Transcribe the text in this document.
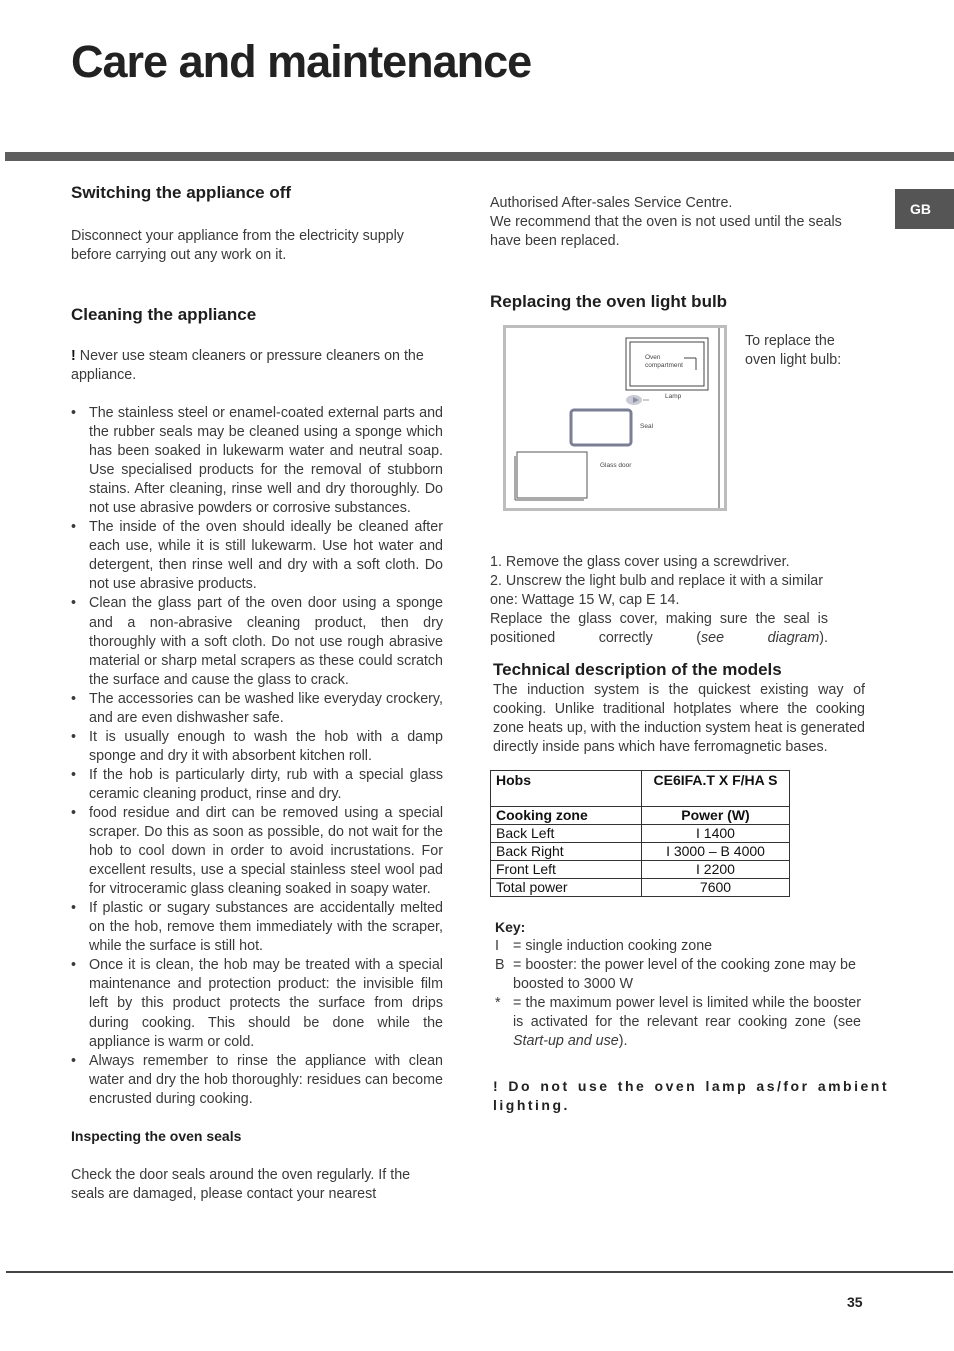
Care and maintenance
GB
Switching the appliance off

Disconnect your appliance from the electricity supply before carrying out any work on it.

Cleaning the appliance

! Never use steam cleaners or pressure cleaners on the appliance.

• The stainless steel or enamel-coated external parts and the rubber seals may be cleaned using a sponge which has been soaked in lukewarm water and neutral soap. Use specialised products for the removal of stubborn stains. After cleaning, rinse well and dry thoroughly. Do not use abrasive powders or corrosive substances.
• The inside of the oven should ideally be cleaned after each use, while it is still lukewarm. Use hot water and detergent, then rinse well and dry with a soft cloth. Do not use abrasive products.
• Clean the glass part of the oven door using a sponge and a non-abrasive cleaning product, then dry thoroughly with a soft cloth. Do not use rough abrasive material or sharp metal scrapers as these could scratch the surface and cause the glass to crack.
• The accessories can be washed like everyday crockery, and are even dishwasher safe.
• It is usually enough to wash the hob with a damp sponge and dry it with absorbent kitchen roll.
• If the hob is particularly dirty, rub with a special glass ceramic cleaning product, rinse and dry.
• food residue and dirt can be removed using a special scraper. Do this as soon as possible, do not wait for the hob to cool down in order to avoid incrustations. For excellent results, use a special stainless steel wool pad for vitroceramic glass cleaning soaked in soapy water.
• If plastic or sugary substances are accidentally melted on the hob, remove them immediately with the scraper, while the surface is still hot.
• Once it is clean, the hob may be treated with a special maintenance and protection product: the invisible film left by this product protects the surface from drips during cooking. This should be done while the appliance is warm or cold.
• Always remember to rinse the appliance with clean water and dry the hob thoroughly: residues can become encrusted during cooking.
Inspecting the oven seals

Check the door seals around the oven regularly. If the seals are damaged, please contact your nearest

Authorised After-sales Service Centre.

We recommend that the oven is not used until the seals have been replaced.

Replacing the oven light bulb
Oven compartment
Lamp
Seal
Glass door

To replace the oven light bulb:

1. Remove the glass cover using a screwdriver.

2. Unscrew the light bulb and replace it with a similar one: Wattage 15 W, cap E 14.

Replace the glass cover, making sure the seal is positioned correctly (see diagram).

Technical description of the models

The induction system is the quickest existing way of cooking. Unlike traditional hotplates where the cooking zone heats up, with the induction system heat is generated directly inside pans which have ferromagnetic bases.

Hobs	CE6IFA.T X F/HA S
Cooking zone	Power (W)
Back Left	I 1400
Back Right	I 3000 – B 4000
Front Left	I 2200
Total power	7600
Key:
I = single induction cooking zone
B = booster: the power level of the cooking zone may be boosted to 3000 W
* = the maximum power level is limited while the booster is activated for the relevant rear cooking zone (see Start-up and use).

! Do not use the oven lamp as/for ambient lighting.

35
